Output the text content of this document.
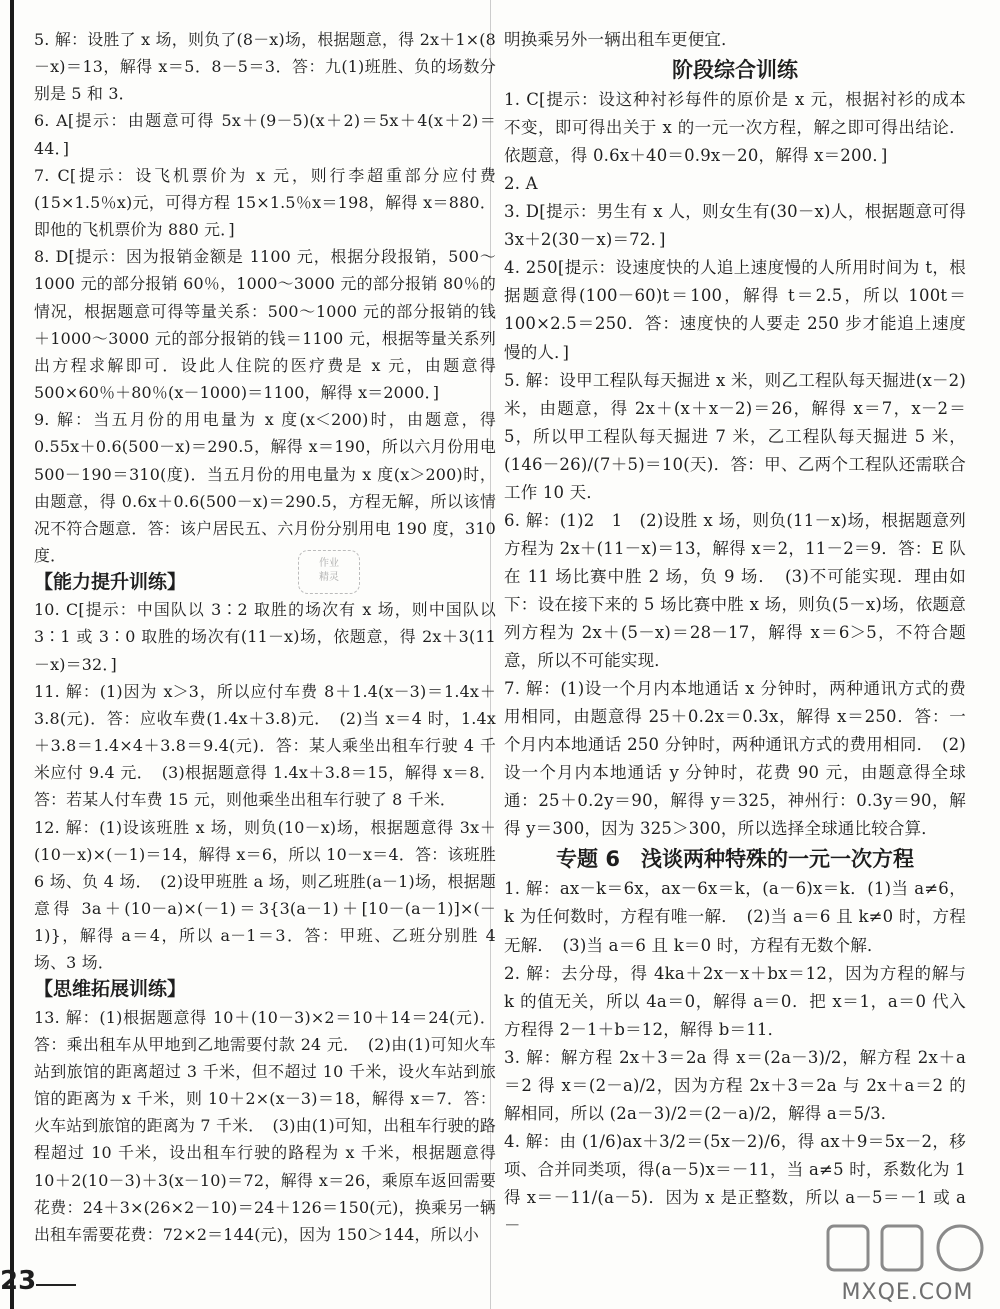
5. 解：设胜了 x 场，则负了(8－x)场，根据题意，得 2x＋1×(8－x)＝13，解得 x＝5．8－5＝3．答：九(1)班胜、负的场数分别是 5 和 3．

6. A[提示：由题意可得 5x＋(9－5)(x＋2)＝5x＋4(x＋2)＝44．]

7. C[提示：设飞机票价为 x 元，则行李超重部分应付费(15×1.5％x)元，可得方程 15×1.5％x＝198，解得 x＝880．即他的飞机票价为 880 元．]

8. D[提示：因为报销金额是 1100 元，根据分段报销，500～1000 元的部分报销 60％，1000～3000 元的部分报销 80％的情况，根据题意可得等量关系：500～1000 元的部分报销的钱＋1000～3000 元的部分报销的钱＝1100 元，根据等量关系列出方程求解即可．设此人住院的医疗费是 x 元，由题意得 500×60％＋80％(x－1000)＝1100，解得 x＝2000．]

9. 解：当五月份的用电量为 x 度(x＜200)时，由题意，得 0.55x＋0.6(500－x)＝290.5，解得 x＝190，所以六月份用电 500－190＝310(度)．当五月份的用电量为 x 度(x＞200)时，由题意，得 0.6x＋0.6(500－x)＝290.5，方程无解，所以该情况不符合题意．答：该户居民五、六月份分别用电 190 度，310 度．

【能力提升训练】

10. C[提示：中国队以 3∶2 取胜的场次有 x 场，则中国队以 3∶1 或 3∶0 取胜的场次有(11－x)场，依题意，得 2x＋3(11－x)＝32．]

11. 解：(1)因为 x＞3，所以应付车费 8＋1.4(x－3)＝1.4x＋3.8(元)．答：应收车费(1.4x＋3.8)元．　(2)当 x＝4 时，1.4x＋3.8＝1.4×4＋3.8＝9.4(元)．答：某人乘坐出租车行驶 4 千米应付 9.4 元．　(3)根据题意得 1.4x＋3.8＝15，解得 x＝8．答：若某人付车费 15 元，则他乘坐出租车行驶了 8 千米．

12. 解：(1)设该班胜 x 场，则负(10－x)场，根据题意得 3x＋(10－x)×(－1)＝14，解得 x＝6，所以 10－x＝4．答：该班胜 6 场、负 4 场．　(2)设甲班胜 a 场，则乙班胜(a－1)场，根据题意得 3a＋(10－a)×(－1)＝3{3(a－1)＋[10－(a－1)]×(－1)}，解得 a＝4，所以 a－1＝3．答：甲班、乙班分别胜 4 场、3 场．

【思维拓展训练】

13. 解：(1)根据题意得 10＋(10－3)×2＝10＋14＝24(元)．答：乘出租车从甲地到乙地需要付款 24 元．　(2)由(1)可知火车站到旅馆的距离超过 3 千米，但不超过 10 千米，设火车站到旅馆的距离为 x 千米，则 10＋2×(x－3)＝18，解得 x＝7．答：火车站到旅馆的距离为 7 千米．　(3)由(1)可知，出租车行驶的路程超过 10 千米，设出租车行驶的路程为 x 千米，根据题意得 10＋2(10－3)＋3(x－10)＝72，解得 x＝26，乘原车返回需要花费：24＋3×(26×2－10)＝24＋126＝150(元)，换乘另一辆出租车需要花费：72×2＝144(元)，因为 150＞144，所以小

明换乘另外一辆出租车更便宜．

阶段综合训练

1. C[提示：设这种衬衫每件的原价是 x 元，根据衬衫的成本不变，即可得出关于 x 的一元一次方程，解之即可得出结论．依题意，得 0.6x＋40＝0.9x－20，解得 x＝200．]

2. A

3. D[提示：男生有 x 人，则女生有(30－x)人，根据题意可得 3x＋2(30－x)＝72．]

4. 250[提示：设速度快的人追上速度慢的人所用时间为 t，根据题意得(100－60)t＝100，解得 t＝2.5，所以 100t＝100×2.5＝250．答：速度快的人要走 250 步才能追上速度慢的人．]

5. 解：设甲工程队每天掘进 x 米，则乙工程队每天掘进(x－2)米，由题意，得 2x＋(x＋x－2)＝26，解得 x＝7，x－2＝5，所以甲工程队每天掘进 7 米，乙工程队每天掘进 5 米，(146－26)/(7＋5)＝10(天)．答：甲、乙两个工程队还需联合工作 10 天．

6. 解：(1)2　1　(2)设胜 x 场，则负(11－x)场，根据题意列方程为 2x＋(11－x)＝13，解得 x＝2，11－2＝9．答：E 队在 11 场比赛中胜 2 场，负 9 场．　(3)不可能实现．理由如下：设在接下来的 5 场比赛中胜 x 场，则负(5－x)场，依题意列方程为 2x＋(5－x)＝28－17，解得 x＝6＞5，不符合题意，所以不可能实现．

7. 解：(1)设一个月内本地通话 x 分钟时，两种通讯方式的费用相同，由题意得 25＋0.2x＝0.3x，解得 x＝250．答：一个月内本地通话 250 分钟时，两种通讯方式的费用相同．　(2)设一个月内本地通话 y 分钟时，花费 90 元，由题意得全球通：25＋0.2y＝90，解得 y＝325，神州行：0.3y＝90，解得 y＝300，因为 325＞300，所以选择全球通比较合算．

专题 6　浅谈两种特殊的一元一次方程

1. 解：ax－k＝6x，ax－6x＝k，(a－6)x＝k．(1)当 a≠6，k 为任何数时，方程有唯一解．　(2)当 a＝6 且 k≠0 时，方程无解．　(3)当 a＝6 且 k＝0 时，方程有无数个解．

2. 解：去分母，得 4ka＋2x－x＋bx＝12，因为方程的解与 k 的值无关，所以 4a＝0，解得 a＝0．把 x＝1，a＝0 代入方程得 2－1＋b＝12，解得 b＝11．

3. 解：解方程 2x＋3＝2a 得 x＝(2a－3)/2，解方程 2x＋a＝2 得 x＝(2－a)/2，因为方程 2x＋3＝2a 与 2x＋a＝2 的解相同，所以 (2a－3)/2＝(2－a)/2，解得 a＝5/3．

4. 解：由 (1/6)ax＋3/2＝(5x－2)/6，得 ax＋9＝5x－2，移项、合并同类项，得(a－5)x＝－11，当 a≠5 时，系数化为 1 得 x＝－11/(a－5)．因为 x 是正整数，所以 a－5＝－1 或 a－

作业
精灵
23	MXQE.COM
